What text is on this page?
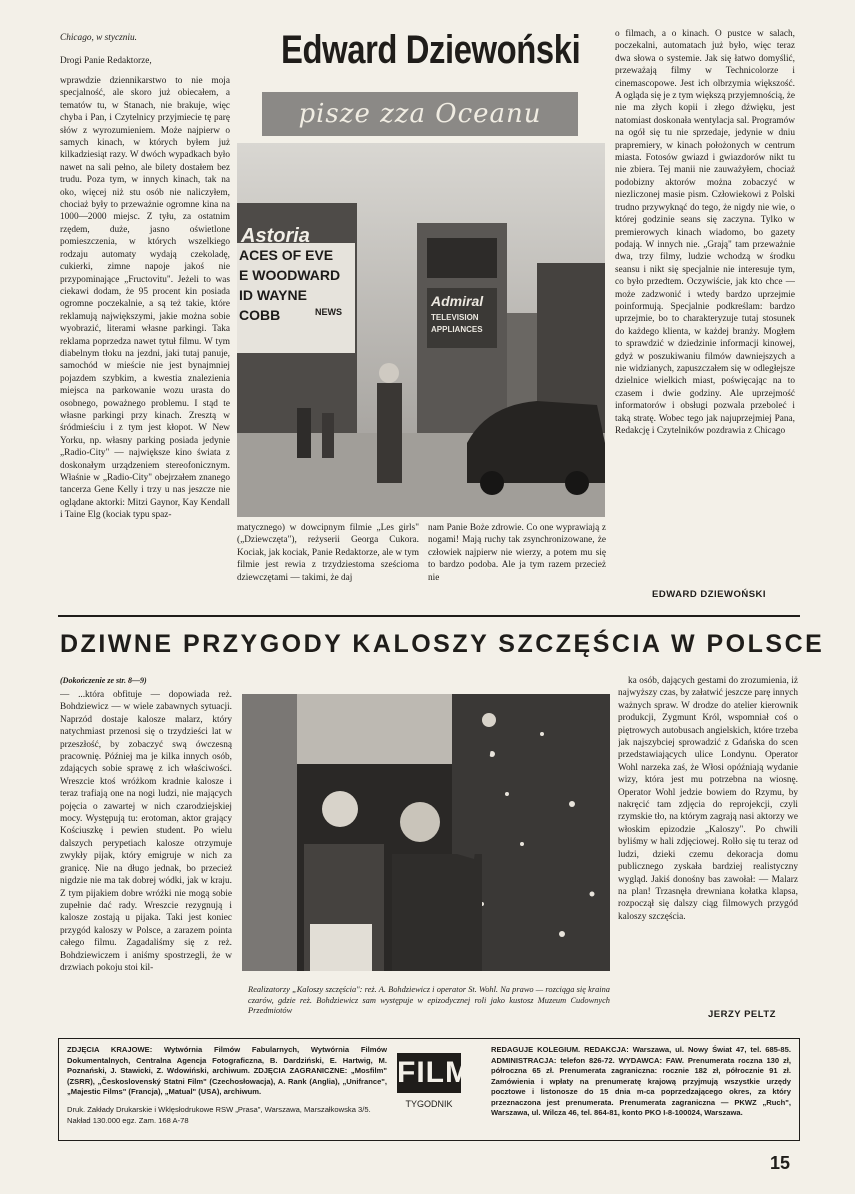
Chicago, w styczniu.
Drogi Panie Redaktorze,	Edward Dziewoński
pisze zza Oceanu

wprawdzie dziennikarstwo to nie moja specjalność, ale skoro już obiecałem, a tematów tu, w Stanach, nie brakuje, więc chyba i Pan, i Czytelnicy przyjmiecie tę parę słów z wyrozumieniem. Może najpierw o samych kinach, w których byłem już kilkadziesiąt razy. W dwóch wypadkach było nawet na sali pełno, ale bilety dostałem bez trudu. Poza tym, w innych kinach, tak na oko, więcej niż stu osób nie naliczyłem, chociaż były to przeważnie ogromne kina na 1000—2000 miejsc. Z tyłu, za ostatnim rzędem, duże, jasno oświetlone pomieszczenia, w których wszelkiego rodzaju automaty wydają czekoladę, cukierki, zimne napoje jakoś nie przypominające „Fructovitu". Jeżeli to was ciekawi dodam, że 95 procent kin posiada ogromne poczekalnie, a są też takie, które reklamują największymi, jakie można sobie wyobrazić, literami własne parkingi. Taka reklama poprzedza nawet tytuł filmu. W tym diabelnym tłoku na jezdni, jaki tutaj panuje, samochód w mieście nie jest bynajmniej pojazdem szybkim, a kwestia znalezienia miejsca na parkowanie wozu urasta do osobnego, poważnego problemu. I stąd te własne parkingi przy kinach. Zresztą w śródmieściu i z tym jest kłopot. W New Yorku, np. własny parking posiada jedynie „Radio-City" — największe kino świata z doskonałym urządzeniem stereofonicznym. Właśnie w „Radio-City" obejrzałem znanego tancerza Gene Kelly i trzy u nas jeszcze nie oglądane aktorki: Mitzi Gaynor, Kay Kendall i Taine Elg (kociak typu spaz-

Astoria
ACES OF EVE
E WOODWARD
ID WAYNE
COBB
Admiral
TELEVISION
APPLIANCES
NEWS

matycznego) w dowcipnym filmie „Les girls" („Dziewczęta"), reżyserii Georga Cukora. Kociak, jak kociak, Panie Redaktorze, ale w tym filmie jest rewia z trzydziestoma sześcioma dziewczętami — takimi, że daj

nam Panie Boże zdrowie. Co one wyprawiają z nogami! Mają ruchy tak zsynchronizowane, że człowiek najpierw nie wierzy, a potem mu się to bardzo podoba. Ale ja tym razem przecież nie

o filmach, a o kinach. O pustce w salach, poczekalni, automatach już było, więc teraz dwa słowa o systemie. Jak się łatwo domyślić, przeważają filmy w Technicolorze i cinemascopowe. Jest ich olbrzymia większość. A ogląda się je z tym większą przyjemnością, że nie ma złych kopii i złego dźwięku, jest natomiast doskonała wentylacja sal. Programów na ogół się tu nie sprzedaje, jedynie w dniu prapremiery, w kinach położonych w centrum miasta. Fotosów gwiazd i gwiazdorów nikt tu nie zbiera. Tej manii nie zauważyłem, chociaż podobizny aktorów można zobaczyć w niezliczonej masie pism. Człowiekowi z Polski trudno przywyknąć do tego, że nigdy nie wie, o której godzinie seans się zaczyna. Tylko w premierowych kinach wiadomo, bo gazety podają. W innych nie. „Grają" tam przeważnie dwa, trzy filmy, ludzie wchodzą w środku seansu i nikt się specjalnie nie interesuje tym, co było przedtem. Oczywiście, jak kto chce — może zadzwonić i wtedy bardzo uprzejmie poinformują. Specjalnie podkreślam: bardzo uprzejmie, bo to charakteryzuje tutaj stosunek do każdego klienta, w każdej branży. Mogłem to sprawdzić w dziedzinie informacji kinowej, gdyż w poszukiwaniu filmów dawniejszych a nie widzianych, zapuszczałem się w odległejsze dzielnice wielkich miast, poświęcając na to czasem i dwie godziny. Ale uprzejmość informatorów i obsługi pozwala przeboleć i taką stratę. Wobec tego jak najuprzejmiej Pana, Redakcję i Czytelników pozdrawia z Chicago

EDWARD DZIEWOŃSKI
DZIWNE PRZYGODY KALOSZY SZCZĘŚCIA W POLSCE
(Dokończenie ze str. 8—9)

— ...która obfituje — dopowiada reż. Bohdziewicz — w wiele zabawnych sytuacji. Naprzód dostaje kalosze malarz, który natychmiast przenosi się o trzydzieści lat w przeszłość, by zobaczyć swą ówczesną pracownię. Później ma je kilka innych osób, zdających sobie sprawę z ich właściwości. Wreszcie ktoś wróżkom kradnie kalosze i teraz trafiają one na nogi ludzi, nie mających pojęcia o zawartej w nich czarodziejskiej mocy. Występują tu: erotoman, aktor grający Kościuszkę i pewien student. Po wielu dalszych perypetiach kalosze otrzymuje zwykły pijak, który emigruje w nich za granicę. Nie na długo jednak, bo przecież nigdzie nie ma tak dobrej wódki, jak w kraju. Z tym pijakiem dobre wróżki nie mogą sobie zupełnie dać rady. Wreszcie rezygnują i kalosze zostają u pijaka. Taki jest koniec przygód kaloszy w Polsce, a zarazem pointa całego filmu. Zagadaliśmy się z reż. Bohdziewiczem i aniśmy spostrzegli, że w drzwiach pokoju stoi kil-

Realizatorzy „Kaloszy szczęścia": reż. A. Bohdziewicz i operator St. Wohl. Na prawo — rozciąga się kraina czarów, gdzie reż. Bohdziewicz sam występuje w epizodycznej roli jako kustosz Muzeum Cudownych Przedmiotów

ka osób, dających gestami do zrozumienia, iż najwyższy czas, by załatwić jeszcze parę innych ważnych spraw. W drodze do atelier kierownik produkcji, Zygmunt Król, wspomniał coś o piętrowych autobusach angielskich, które trzeba jak najszybciej sprowadzić z Gdańska do scen przedstawiających ulice Londynu. Operator Wohl narzeka zaś, że Włosi opóźniają wydanie wizy, która jest mu potrzebna na wiosnę. Operator Wohl jedzie bowiem do Rzymu, by nakręcić tam zdjęcia do reprojekcji, czyli rzymskie tło, na którym zagrają nasi aktorzy we włoskim epizodzie „Kaloszy". Po chwili byliśmy w hali zdjęciowej. Rolło się tu teraz od ludzi, dzieki czemu dekoracja domu publicznego zyskała bardziej realistyczny wygląd. Jakiś donośny bas zawołał: — Malarz na plan! Trzasnęła drewniana kołatka klapsa, rozpoczął się dalszy ciąg filmowych przygód kaloszy szczęścia.

JERZY PELTZ
ZDJĘCIA KRAJOWE: Wytwórnia Filmów Fabularnych, Wytwórnia Filmów Dokumentalnych, Centralna Agencja Fotograficzna, B. Dardziński, E. Hartwig, M. Poznański, J. Stawicki, Z. Wdowiński, archiwum. ZDJĘCIA ZAGRANICZNE: „Mosfilm" (ZSRR), „Československý Statni Film" (Czechosłowacja), A. Rank (Anglia), „Unifrance", „Majestic Films" (Francja), „Matual" (USA), archiwum.
Druk. Zakłady Drukarskie i Wklęsłodrukowe RSW „Prasa", Warszawa, Marszałkowska 3/5. Nakład 130.000 egz. Zam. 168 A-78
FILM
TYGODNIK
REDAGUJE KOLEGIUM. REDAKCJA: Warszawa, ul. Nowy Świat 47, tel. 685-85. ADMINISTRACJA: telefon 826-72. WYDAWCA: FAW. Prenumerata roczna 130 zł, półroczna 65 zł. Prenumerata zagraniczna: rocznie 182 zł, półrocznie 91 zł. Zamówienia i wpłaty na prenumeratę krajową przyjmują wszystkie urzędy pocztowe i listonosze do 15 dnia m-ca poprzedzającego okres, za który przeznaczona jest prenumerata. Prenumerata zagraniczna — PKWZ „Ruch", Warszawa, ul. Wilcza 46, tel. 864-81, konto PKO I-8-100024, Warszawa.
15
